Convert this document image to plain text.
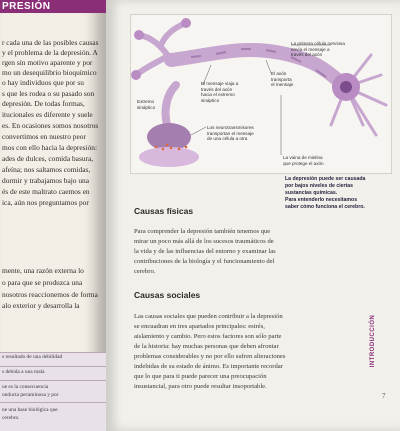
PRESIÓN
r cada una de las posibles causas
y el problema de la depresión. A
rgen sin motivo aparente y por
mo un desequilibrio bioquímico
o hay individuos que por su
s que les rodea o su pasado son
depresión. De todas formas,
itucionales es diferente y suele
es. En ocasiones somos nosotros
convertimos en nuestro peor
mos con ello hacia la depresión:
ades de dulces, comida basura,
afeína; nos saltamos comidas,
dormir y trabajamos bajo una
és de este maltrato caemos en
ica, aún nos preguntamos por
mente, una razón externa lo
o para que se produzca una
nosotros reaccionemos de forma
alo exterior y desarrolla la
s resultado de una debilidad
s debida a una mala
ue es la consecuencia
onducta pecaminosa y por
ne una base biológica que
cerebro.
La primera célula nerviosa
envía el mensaje a
través del axón
El axón
transporta
el mensaje
El mensaje viaja a
través del axón
hacia el extremo
sináptico
Extremo
sináptico
Los neurotransmisores
transportan el mensaje
de una célula a otra
La vaina de mielina
que protege el axón
La depresión puede ser causada
por bajos niveles de ciertas
sustancias químicas.
Para entenderlo necesitamos
saber cómo funciona el cerebro.
Causas físicas
Para comprender la depresión también tenemos que
mirar un poco más allá de los sucesos traumáticos de
la vida y de las influencias del entorno y examinar las
contribuciones de la biología y el funcionamiento del
cerebro.
Causas sociales
Las causas sociales que pueden contribuir a la depresión
se encuadran en tres apartados principales: estrés,
aislamiento y cambio. Pero estos factores son sólo parte
de la historia: hay muchas personas que deben afrontar
problemas considerables y no por ello sufren alteraciones
indebidas de su estado de ánimo. Es importante recordar
que lo que para ti puede parecer una preocupación
insustancial, para otro puede resultar insoportable.
INTRODUCCIÓN
7
